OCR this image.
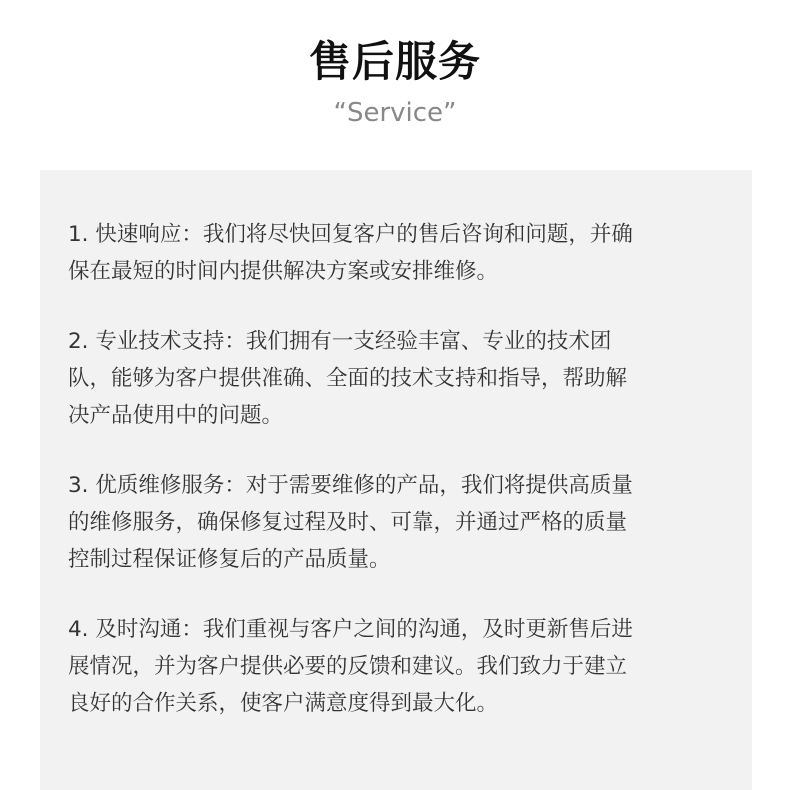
售后服务
“Service”

1. 快速响应：我们将尽快回复客户的售后咨询和问题，并确
保在最短的时间内提供解决方案或安排维修。

2. 专业技术支持：我们拥有一支经验丰富、专业的技术团
队，能够为客户提供准确、全面的技术支持和指导，帮助解
决产品使用中的问题。

3. 优质维修服务：对于需要维修的产品，我们将提供高质量
的维修服务，确保修复过程及时、可靠，并通过严格的质量
控制过程保证修复后的产品质量。

4. 及时沟通：我们重视与客户之间的沟通，及时更新售后进
展情况，并为客户提供必要的反馈和建议。我们致力于建立
良好的合作关系，使客户满意度得到最大化。
